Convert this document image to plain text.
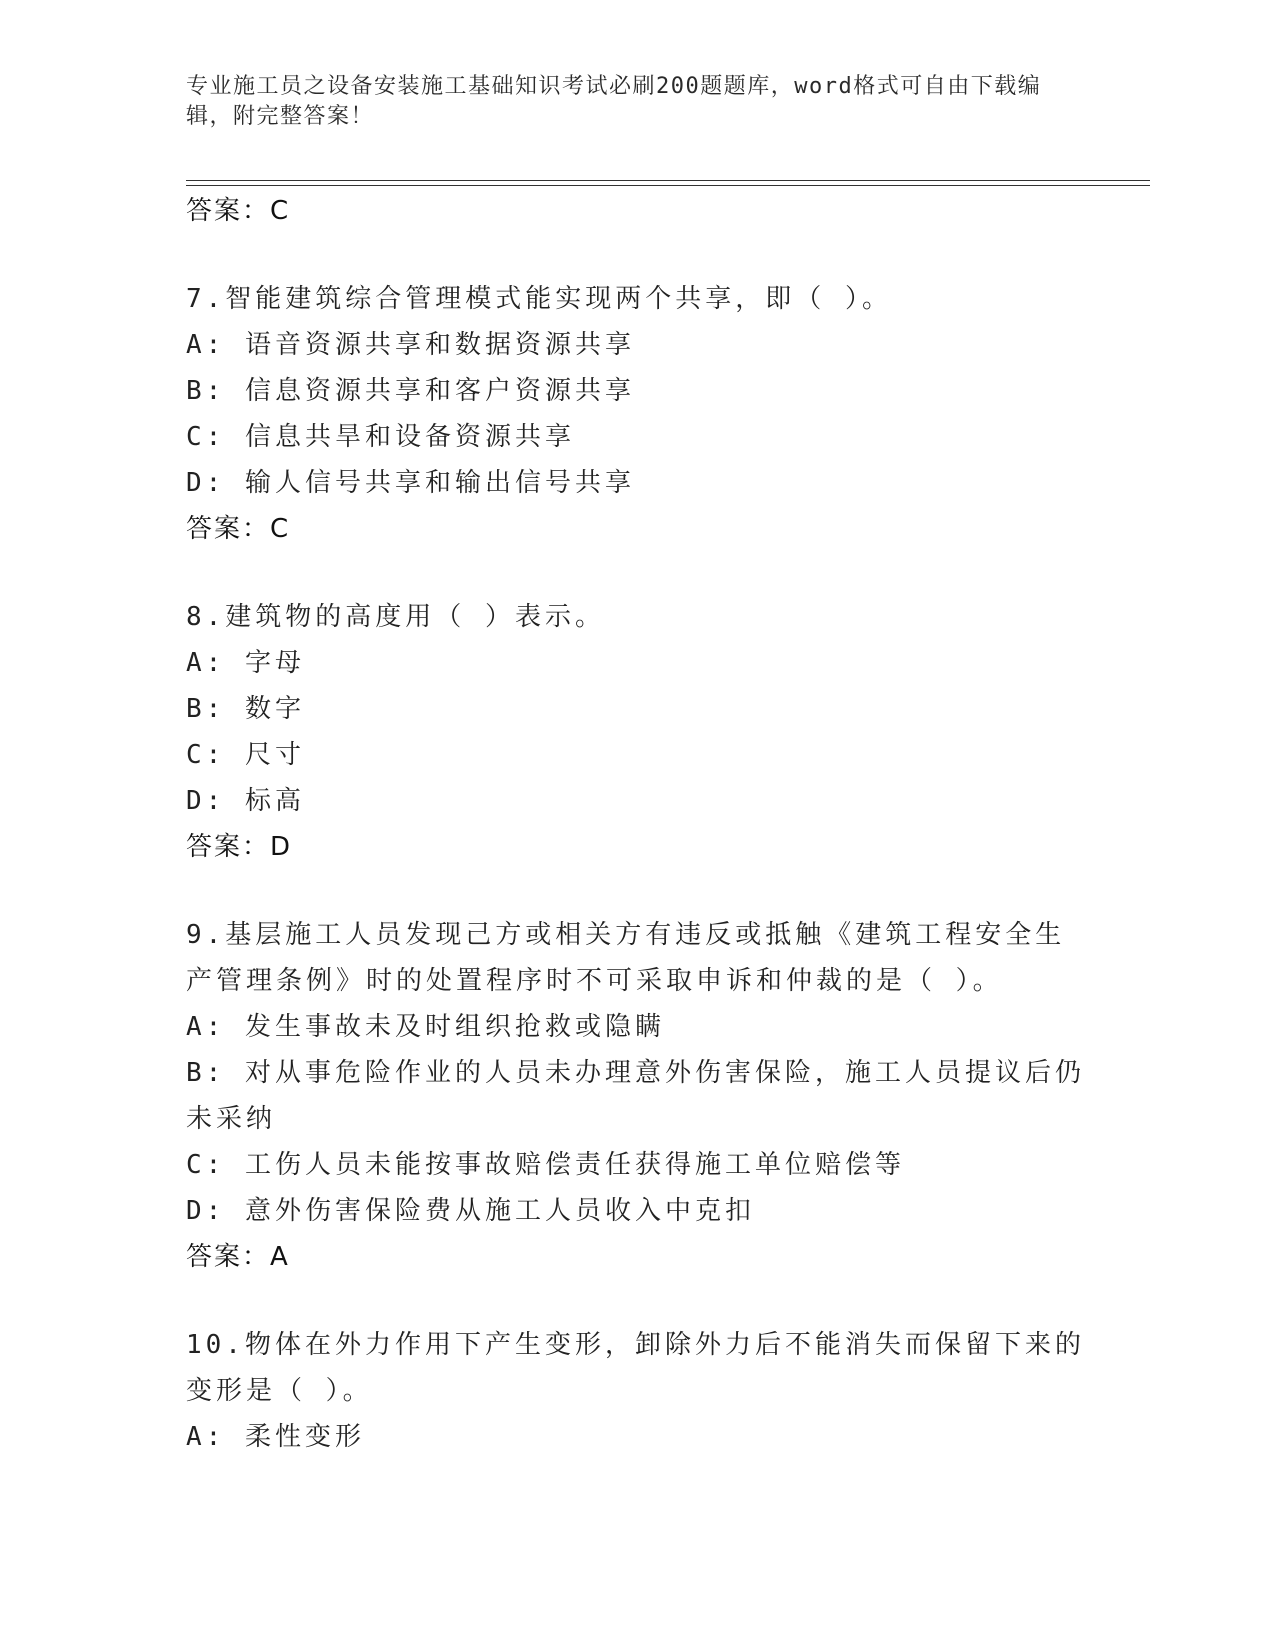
专业施工员之设备安装施工基础知识考试必刷200题题库，word格式可自由下载编辑，附完整答案！
答案：C
7.智能建筑综合管理模式能实现两个共享，即（ ）。
A: 语音资源共享和数据资源共享
B: 信息资源共享和客户资源共享
C: 信息共旱和设备资源共享
D: 输人信号共享和输出信号共享
答案：C
8.建筑物的高度用（ ）表示。
A: 字母
B: 数字
C: 尺寸
D: 标高
答案：D
9.基层施工人员发现己方或相关方有违反或抵触《建筑工程安全生产管理条例》时的处置程序时不可采取申诉和仲裁的是（ ）。
A: 发生事故未及时组织抢救或隐瞒
B: 对从事危险作业的人员未办理意外伤害保险，施工人员提议后仍未采纳
C: 工伤人员未能按事故赔偿责任获得施工单位赔偿等
D: 意外伤害保险费从施工人员收入中克扣
答案：A
10.物体在外力作用下产生变形，卸除外力后不能消失而保留下来的变形是（ ）。
A: 柔性变形
